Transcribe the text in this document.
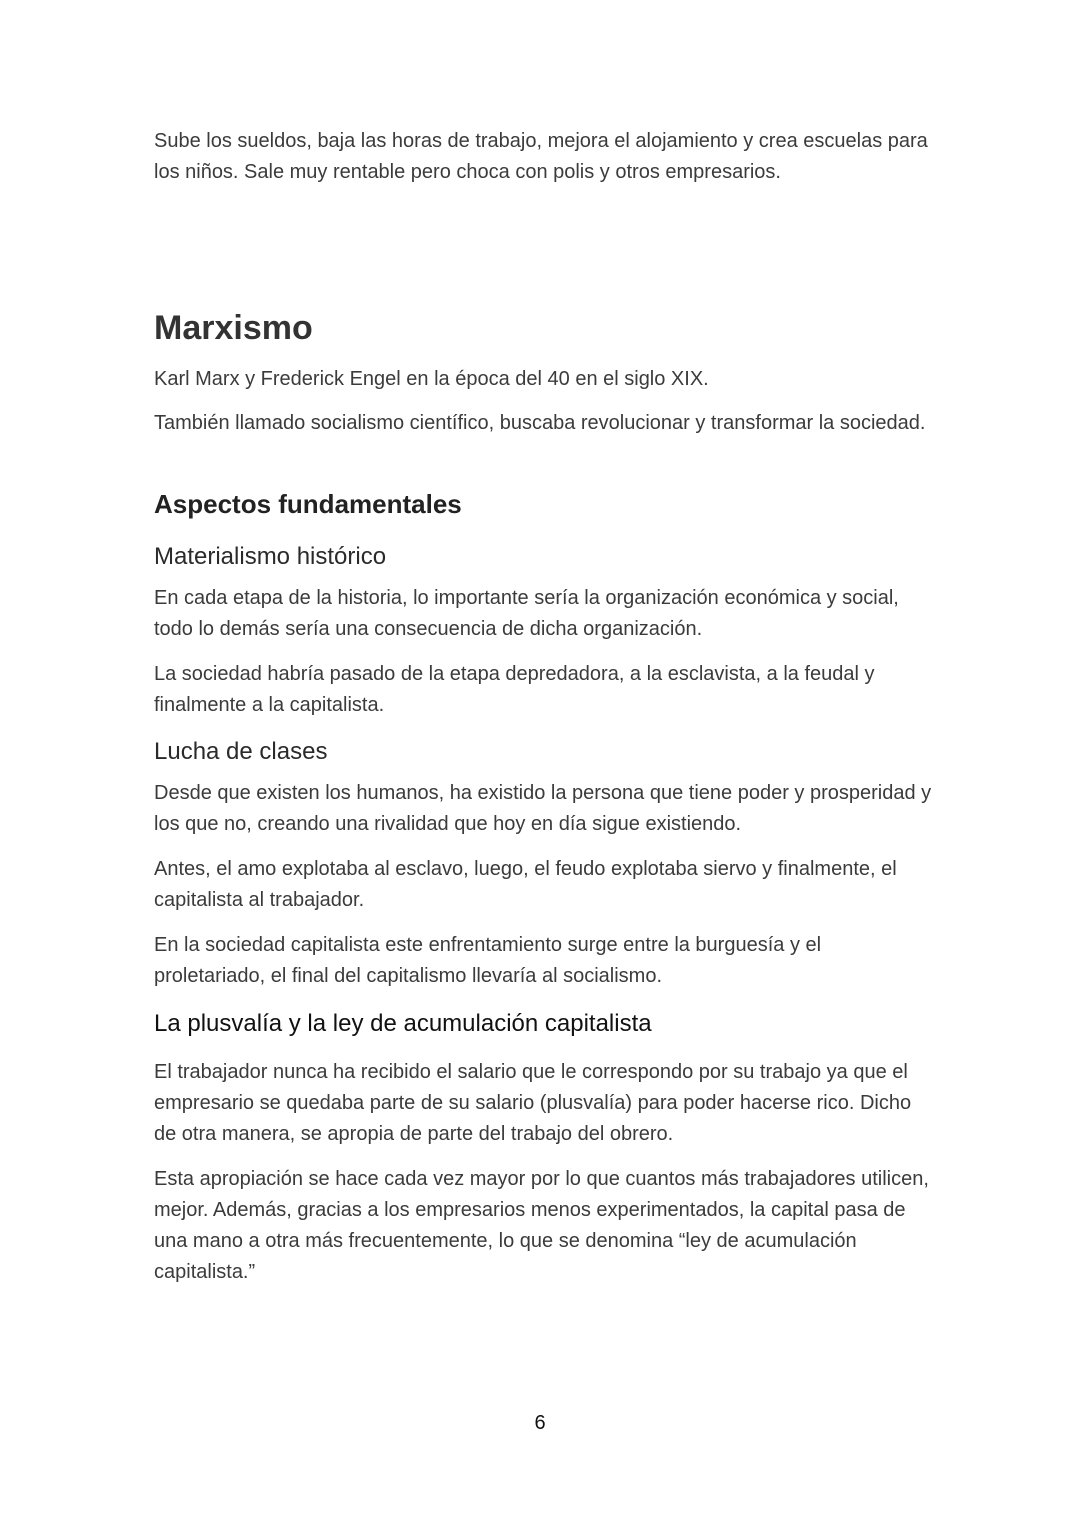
Sube los sueldos, baja las horas de trabajo, mejora el alojamiento y crea escuelas para los niños. Sale muy rentable pero choca con polis y otros empresarios.

Marxismo

Karl Marx y Frederick Engel en la época del 40 en el siglo XIX.

También llamado socialismo científico, buscaba revolucionar y transformar la sociedad.

Aspectos fundamentales
Materialismo histórico

En cada etapa de la historia, lo importante sería la organización económica y social, todo lo demás sería una consecuencia de dicha organización.

La sociedad habría pasado de la etapa depredadora, a la esclavista, a la feudal y finalmente a la capitalista.

Lucha de clases

Desde que existen los humanos, ha existido la persona que tiene poder y prosperidad y los que no, creando una rivalidad que hoy en día sigue existiendo.

Antes, el amo explotaba al esclavo, luego, el feudo explotaba siervo y finalmente, el capitalista al trabajador.

En la sociedad capitalista este enfrentamiento surge entre la burguesía y el proletariado, el final del capitalismo llevaría al socialismo.

La plusvalía y la ley de acumulación capitalista

El trabajador nunca ha recibido el salario que le correspondo por su trabajo ya que el empresario se quedaba parte de su salario (plusvalía) para poder hacerse rico. Dicho de otra manera, se apropia de parte del trabajo del obrero.

Esta apropiación se hace cada vez mayor por lo que cuantos más trabajadores utilicen, mejor. Además, gracias a los empresarios menos experimentados, la capital pasa de una mano a otra más frecuentemente, lo que se denomina “ley de acumulación capitalista.”

6
